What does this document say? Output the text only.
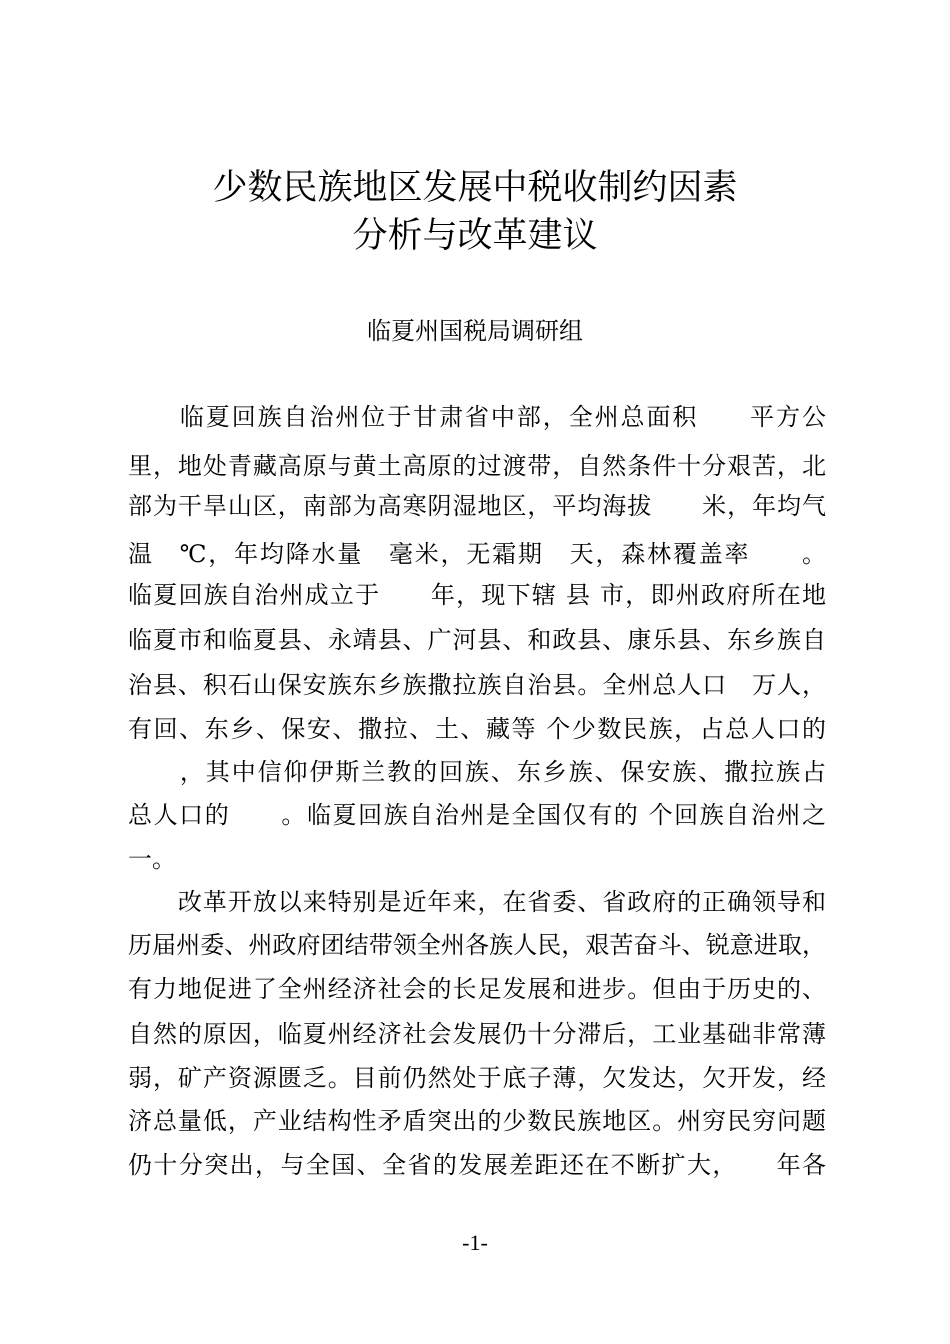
少数民族地区发展中税收制约因素
分析与改革建议
临夏州国税局调研组
　　临夏回族自治州位于甘肃省中部，全州总面积　　平方公
里，地处青藏高原与黄土高原的过渡带，自然条件十分艰苦，北
部为干旱山区，南部为高寒阴湿地区，平均海拔　　米，年均气
温　℃，年均降水量　毫米，无霜期　天，森林覆盖率　　。
临夏回族自治州成立于　　年，现下辖 县 市，即州政府所在地
临夏市和临夏县、永靖县、广河县、和政县、康乐县、东乡族自
治县、积石山保安族东乡族撒拉族自治县。全州总人口　万人，
有回、东乡、保安、撒拉、土、藏等 个少数民族，占总人口的
　　，其中信仰伊斯兰教的回族、东乡族、保安族、撒拉族占
总人口的　　。临夏回族自治州是全国仅有的 个回族自治州之
一。
　　改革开放以来特别是近年来，在省委、省政府的正确领导和
历届州委、州政府团结带领全州各族人民，艰苦奋斗、锐意进取，
有力地促进了全州经济社会的长足发展和进步。但由于历史的、
自然的原因，临夏州经济社会发展仍十分滞后，工业基础非常薄
弱，矿产资源匮乏。目前仍然处于底子薄，欠发达，欠开发，经
济总量低，产业结构性矛盾突出的少数民族地区。州穷民穷问题
仍十分突出，与全国、全省的发展差距还在不断扩大，　　年各
-1-
